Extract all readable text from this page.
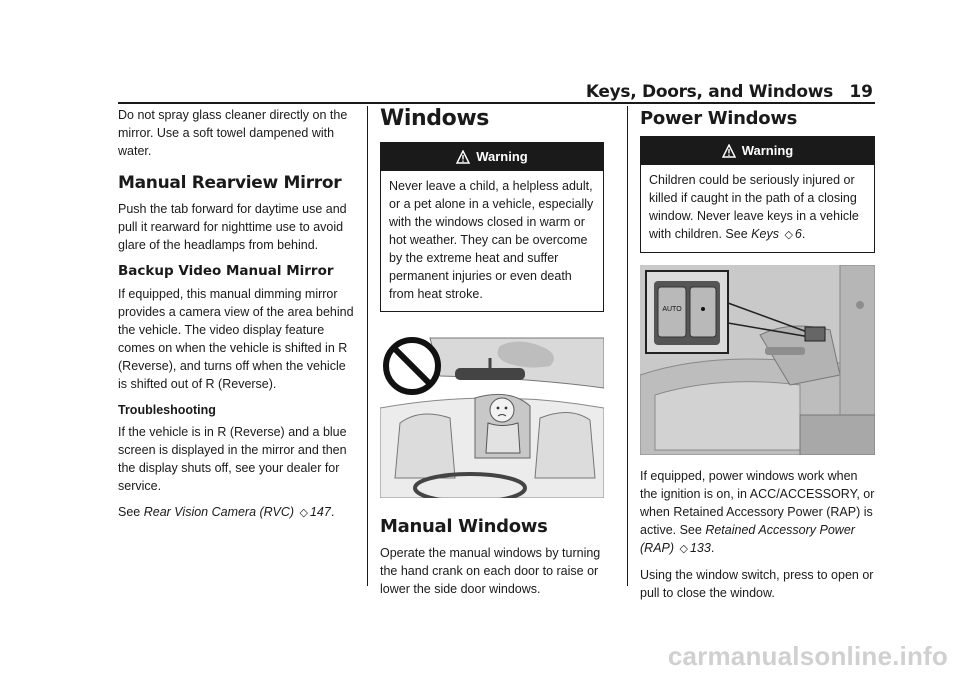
Keys, Doors, and Windows 19

Do not spray glass cleaner directly on the mirror. Use a soft towel dampened with water.

Manual Rearview Mirror

Push the tab forward for daytime use and pull it rearward for nighttime use to avoid glare of the headlamps from behind.

Backup Video Manual Mirror

If equipped, this manual dimming mirror provides a camera view of the area behind the vehicle. The video display feature comes on when the vehicle is shifted in R (Reverse), and turns off when the vehicle is shifted out of R (Reverse).

Troubleshooting

If the vehicle is in R (Reverse) and a blue screen is displayed in the mirror and then the display shuts off, see your dealer for service.

See Rear Vision Camera (RVC) ◇ 147.

Windows
Warning
Never leave a child, a helpless adult, or a pet alone in a vehicle, especially with the windows closed in warm or hot weather. They can be overcome by the extreme heat and suffer permanent injuries or even death from heat stroke.
Manual Windows

Operate the manual windows by turning the hand crank on each door to raise or lower the side door windows.

Power Windows
Warning
Children could be seriously injured or killed if caught in the path of a closing window. Never leave keys in a vehicle with children. See Keys ◇ 6.
AUTO

If equipped, power windows work when the ignition is on, in ACC/ACCESSORY, or when Retained Accessory Power (RAP) is active. See Retained Accessory Power (RAP) ◇ 133.

Using the window switch, press to open or pull to close the window.

carmanualsonline.info
